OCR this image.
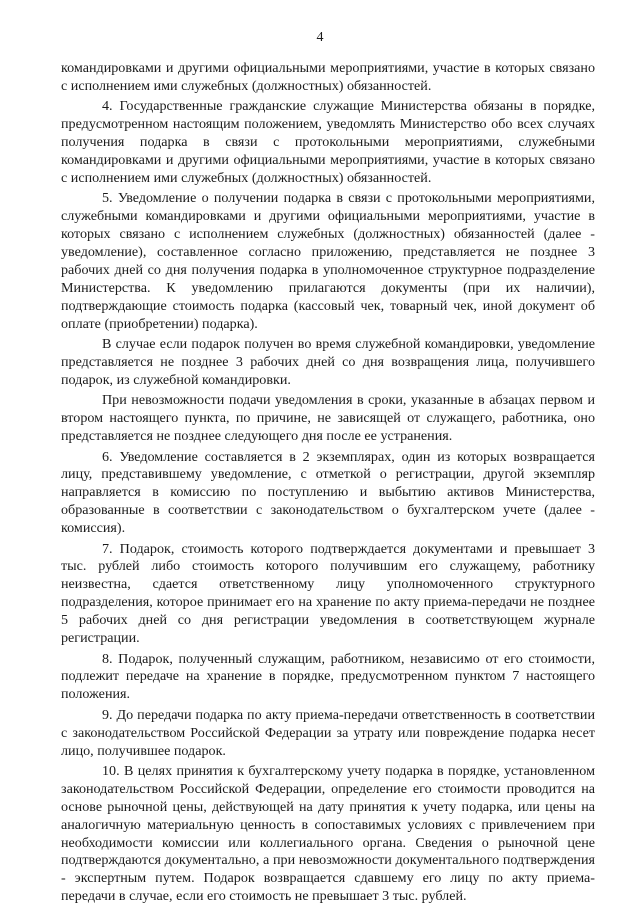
4

командировками и другими официальными мероприятиями, участие в которых связано с исполнением ими служебных (должностных) обязанностей.

4. Государственные гражданские служащие Министерства обязаны в порядке, предусмотренном настоящим положением, уведомлять Министерство обо всех случаях получения подарка в связи с протокольными мероприятиями, служебными командировками и другими официальными мероприятиями, участие в которых связано с исполнением ими служебных (должностных) обязанностей.

5. Уведомление о получении подарка в связи с протокольными мероприятиями, служебными командировками и другими официальными мероприятиями, участие в которых связано с исполнением служебных (должностных) обязанностей (далее - уведомление), составленное согласно приложению, представляется не позднее 3 рабочих дней со дня получения подарка в уполномоченное структурное подразделение Министерства. К уведомлению прилагаются документы (при их наличии), подтверждающие стоимость подарка (кассовый чек, товарный чек, иной документ об оплате (приобретении) подарка).

В случае если подарок получен во время служебной командировки, уведомление представляется не позднее 3 рабочих дней со дня возвращения лица, получившего подарок, из служебной командировки.

При невозможности подачи уведомления в сроки, указанные в абзацах первом и втором настоящего пункта, по причине, не зависящей от служащего, работника, оно представляется не позднее следующего дня после ее устранения.

6. Уведомление составляется в 2 экземплярах, один из которых возвращается лицу, представившему уведомление, с отметкой о регистрации, другой экземпляр направляется в комиссию по поступлению и выбытию активов Министерства, образованные в соответствии с законодательством о бухгалтерском учете (далее - комиссия).

7. Подарок, стоимость которого подтверждается документами и превышает 3 тыс. рублей либо стоимость которого получившим его служащему, работнику неизвестна, сдается ответственному лицу уполномоченного структурного подразделения, которое принимает его на хранение по акту приема-передачи не позднее 5 рабочих дней со дня регистрации уведомления в соответствующем журнале регистрации.

8. Подарок, полученный служащим, работником, независимо от его стоимости, подлежит передаче на хранение в порядке, предусмотренном пунктом 7 настоящего положения.

9. До передачи подарка по акту приема-передачи ответственность в соответствии с законодательством Российской Федерации за утрату или повреждение подарка несет лицо, получившее подарок.

10. В целях принятия к бухгалтерскому учету подарка в порядке, установленном законодательством Российской Федерации, определение его стоимости проводится на основе рыночной цены, действующей на дату принятия к учету подарка, или цены на аналогичную материальную ценность в сопоставимых условиях с привлечением при необходимости комиссии или коллегиального органа. Сведения о рыночной цене подтверждаются документально, а при невозможности документального подтверждения - экспертным путем. Подарок возвращается сдавшему его лицу по акту приема-передачи в случае, если его стоимость не превышает 3 тыс. рублей.
